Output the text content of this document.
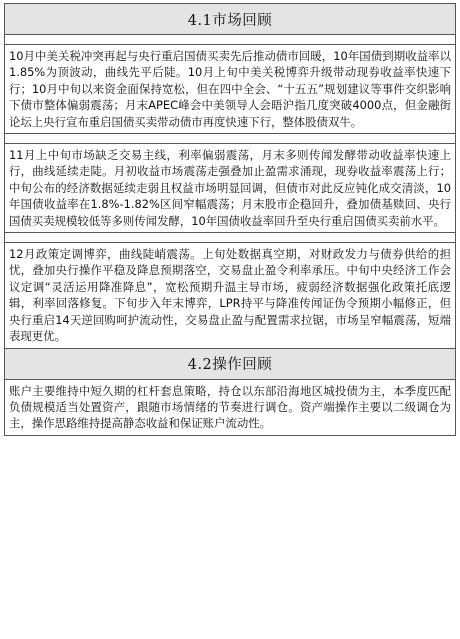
4.1市场回顾
10月中美关税冲突再起与央行重启国债买卖先后推动债市回暖，10年国债到期收益率以1.85%为顶波动，曲线先平后陡。10月上旬中美关税博弈升级带动现券收益率快速下行；10月中旬以来资金面保持宽松，但在四中全会、“十五五”规划建议等事件交织影响下债市整体偏弱震荡；月末APEC峰会中美领导人会晤沪指几度突破4000点，但金融街论坛上央行宣布重启国债买卖带动债市再度快速下行，整体股债双牛。
11月上中旬市场缺乏交易主线，利率偏弱震荡，月末多则传闻发酵带动收益率快速上行，曲线延续走陡。月初收益市场震荡走强叠加止盈需求涌现，现券收益率震荡上行；中旬公布的经济数据延续走弱且权益市场明显回调，但债市对此反应钝化成交清淡，10年国债收益率在1.8%-1.82%区间窄幅震荡；月末股市企稳回升，叠加债基赎回、央行国债买卖规模较低等多则传闻发酵，10年国债收益率回升至央行重启国债买卖前水平。
12月政策定调博弈，曲线陡峭震荡。上旬处数据真空期，对财政发力与债券供给的担忧，叠加央行操作平稳及降息预期落空，交易盘止盈令利率承压。中旬中央经济工作会议定调“灵活运用降准降息”，宽松预期升温主导市场，疲弱经济数据强化政策托底逻辑，利率回落修复。下旬步入年末博弈，LPR持平与降准传闻证伪令预期小幅修正，但央行重启14天逆回购呵护流动性，交易盘止盈与配置需求拉锯，市场呈窄幅震荡，短端表现更优。
4.2操作回顾
账户主要维持中短久期的杠杆套息策略，持仓以东部沿海地区城投债为主，本季度匹配负债规模适当处置资产，跟随市场情绪的节奏进行调仓。资产端操作主要以二级调仓为主，操作思路维持提高静态收益和保证账户流动性。
